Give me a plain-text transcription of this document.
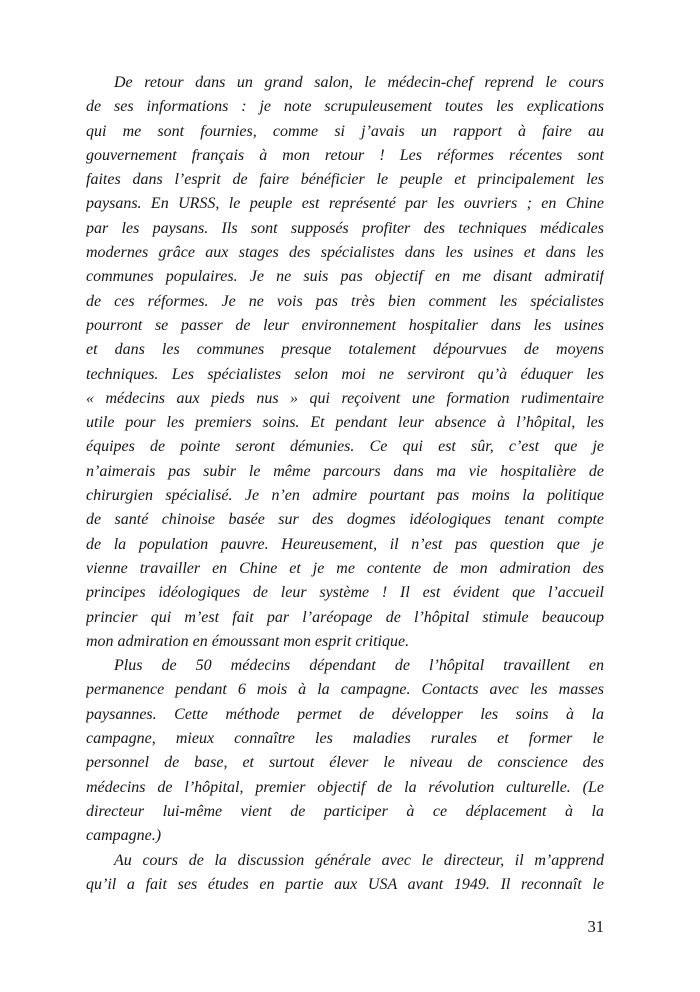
De retour dans un grand salon, le médecin-chef reprend le cours
de ses informations : je note scrupuleusement toutes les explications
qui me sont fournies, comme si j’avais un rapport à faire au
gouvernement français à mon retour ! Les réformes récentes sont
faites dans l’esprit de faire bénéficier le peuple et principalement les
paysans. En URSS, le peuple est représenté par les ouvriers ; en Chine
par les paysans. Ils sont supposés profiter des techniques médicales
modernes grâce aux stages des spécialistes dans les usines et dans les
communes populaires. Je ne suis pas objectif en me disant admiratif
de ces réformes. Je ne vois pas très bien comment les spécialistes
pourront se passer de leur environnement hospitalier dans les usines
et dans les communes presque totalement dépourvues de moyens
techniques. Les spécialistes selon moi ne serviront qu’à éduquer les
« médecins aux pieds nus » qui reçoivent une formation rudimentaire
utile pour les premiers soins. Et pendant leur absence à l’hôpital, les
équipes de pointe seront démunies. Ce qui est sûr, c’est que je
n’aimerais pas subir le même parcours dans ma vie hospitalière de
chirurgien spécialisé. Je n’en admire pourtant pas moins la politique
de santé chinoise basée sur des dogmes idéologiques tenant compte
de la population pauvre. Heureusement, il n’est pas question que je
vienne travailler en Chine et je me contente de mon admiration des
principes idéologiques de leur système ! Il est évident que l’accueil
princier qui m’est fait par l’aréopage de l’hôpital stimule beaucoup
mon admiration en émoussant mon esprit critique.
Plus de 50 médecins dépendant de l’hôpital travaillent en
permanence pendant 6 mois à la campagne. Contacts avec les masses
paysannes. Cette méthode permet de développer les soins à la
campagne, mieux connaître les maladies rurales et former le
personnel de base, et surtout élever le niveau de conscience des
médecins de l’hôpital, premier objectif de la révolution culturelle. (Le
directeur lui-même vient de participer à ce déplacement à la
campagne.)
Au cours de la discussion générale avec le directeur, il m’apprend
qu’il a fait ses études en partie aux USA avant 1949. Il reconnaît le
31
